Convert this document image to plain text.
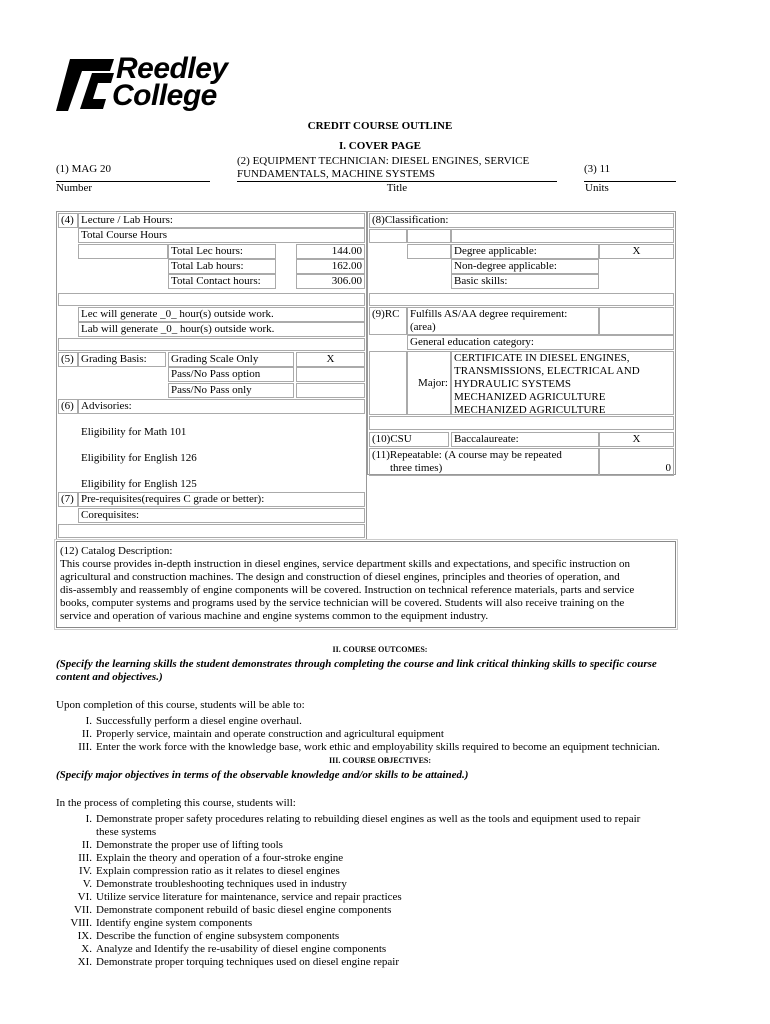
Reedley
College
CREDIT COURSE OUTLINE
I. COVER PAGE
(1) MAG 20
Number
(2) EQUIPMENT TECHNICIAN: DIESEL ENGINES, SERVICE
FUNDAMENTALS, MACHINE SYSTEMS
Title
(3) 11
Units
(4) Lecture / Lab Hours:
Total Course Hours
Total Lec hours:	144.00
Total Lab hours:	162.00
Total Contact hours:	306.00
Lec will generate _0_ hour(s) outside work.
Lab will generate _0_ hour(s) outside work.
(5) Grading Basis:	Grading Scale Only	X
Pass/No Pass option
Pass/No Pass only
(6) Advisories:
Eligibility for Math 101
Eligibility for English 126
Eligibility for English 125
(7) Pre-requisites(requires C grade or better):
Corequisites:
(8)Classification:
Degree applicable:	X
Non-degree applicable:
Basic skills:
(9)RC Fulfills AS/AA degree requirement:
(area)
General education category:
Major:
CERTIFICATE IN DIESEL ENGINES,
TRANSMISSIONS, ELECTRICAL AND
HYDRAULIC SYSTEMS
MECHANIZED AGRICULTURE
MECHANIZED AGRICULTURE
(10)CSU	Baccalaureate:	X
(11)Repeatable: (A course may be repeated
three times)	0
(12) Catalog Description:
This course provides in-depth instruction in diesel engines, service department skills and expectations, and specific instruction on
agricultural and construction machines. The design and construction of diesel engines, principles and theories of operation, and
dis-assembly and reassembly of engine components will be covered. Instruction on technical reference materials, parts and service
books, computer systems and programs used by the service technician will be covered. Students will also receive training on the
service and operation of various machine and engine systems common to the equipment industry.
II. COURSE OUTCOMES:
(Specify the learning skills the student demonstrates through completing the course and link critical thinking skills to specific course
content and objectives.)
Upon completion of this course, students will be able to:
I. Successfully perform a diesel engine overhaul.
II. Properly service, maintain and operate construction and agricultural equipment
III. Enter the work force with the knowledge base, work ethic and employability skills required to become an equipment technician.
III. COURSE OBJECTIVES:
(Specify major objectives in terms of the observable knowledge and/or skills to be attained.)
In the process of completing this course, students will:
I. Demonstrate proper safety procedures relating to rebuilding diesel engines as well as the tools and equipment used to repair
these systems
II. Demonstrate the proper use of lifting tools
III. Explain the theory and operation of a four-stroke engine
IV. Explain compression ratio as it relates to diesel engines
V. Demonstrate troubleshooting techniques used in industry
VI. Utilize service literature for maintenance, service and repair practices
VII. Demonstrate component rebuild of basic diesel engine components
VIII. Identify engine system components
IX. Describe the function of engine subsystem components
X. Analyze and Identify the re-usability of diesel engine components
XI. Demonstrate proper torquing techniques used on diesel engine repair
